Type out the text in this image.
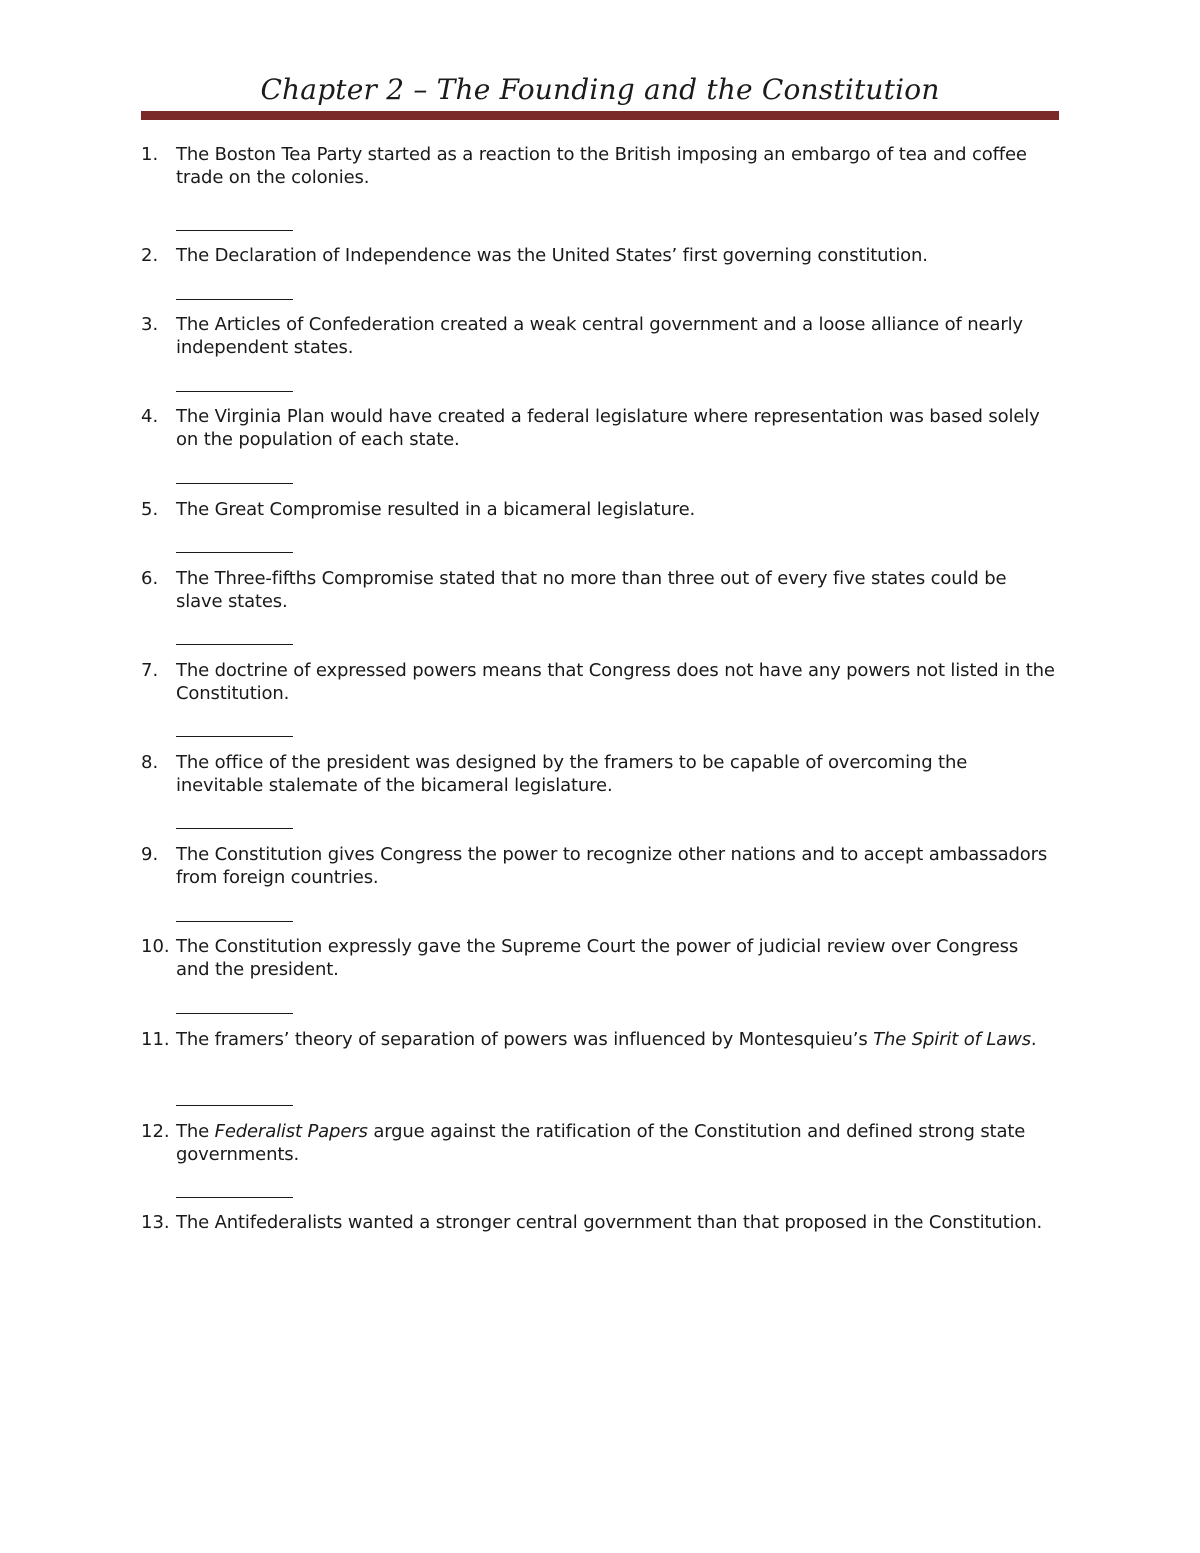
Chapter 2 – The Founding and the Constitution
1. The Boston Tea Party started as a reaction to the British imposing an embargo of tea and coffee trade on the colonies.
2. The Declaration of Independence was the United States’ first governing constitution.
3. The Articles of Confederation created a weak central government and a loose alliance of nearly independent states.
4. The Virginia Plan would have created a federal legislature where representation was based solely on the population of each state.
5. The Great Compromise resulted in a bicameral legislature.
6. The Three-fifths Compromise stated that no more than three out of every five states could be slave states.
7. The doctrine of expressed powers means that Congress does not have any powers not listed in the Constitution.
8. The office of the president was designed by the framers to be capable of overcoming the inevitable stalemate of the bicameral legislature.
9. The Constitution gives Congress the power to recognize other nations and to accept ambassadors from foreign countries.
10. The Constitution expressly gave the Supreme Court the power of judicial review over Congress and the president.
11. The framers’ theory of separation of powers was influenced by Montesquieu’s The Spirit of Laws.
12. The Federalist Papers argue against the ratification of the Constitution and defined strong state governments.
13. The Antifederalists wanted a stronger central government than that proposed in the Constitution.
